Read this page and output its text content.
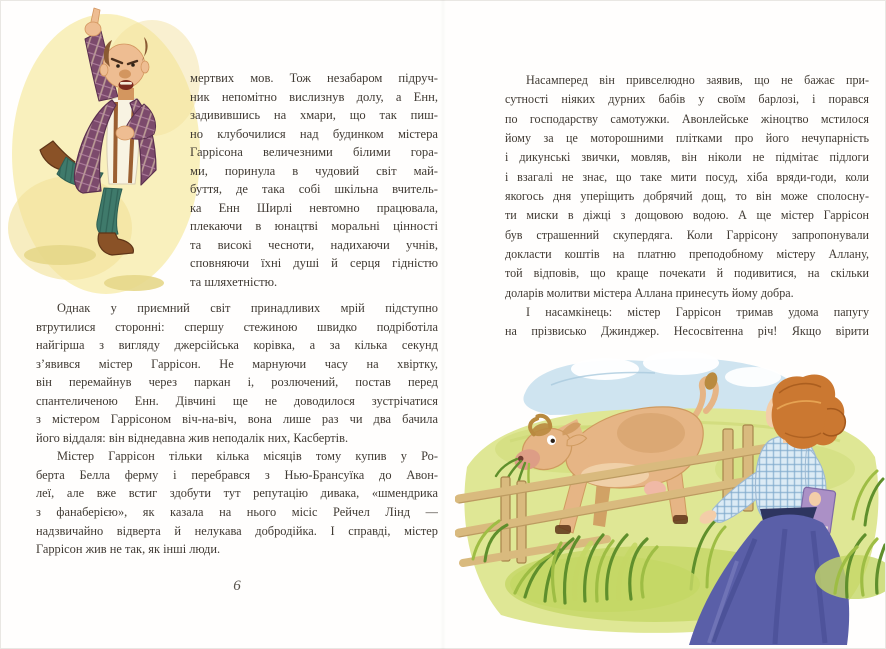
мертвих мов. Тож незабаром підруч-
ник непомітно вислизнув долу, а Енн,
задивившись на хмари, що так пиш-
но клубочилися над будинком містера
Гаррісона величезними білими гора-
ми, поринула в чудовий світ май-
буття, де така собі шкільна вчитель-
ка Енн Ширлі невтомно працювала,
плекаючи в юнацтві моральні цінності
та високі чесноти, надихаючи учнів,
сповняючи їхні душі й серця гідністю
та шляхетністю.
Однак у приємний світ принадливих мрій підступно
втрутилися сторонні: спершу стежиною швидко подріботіла
найгірша з вигляду джерсійська корівка, а за кілька секунд
з’явився містер Гаррісон. Не марнуючи часу на хвіртку,
він перемайнув через паркан і, розлючений, постав перед
спантеличеною Енн. Дівчині ще не доводилося зустрічатися
з містером Гаррісоном віч-на-віч, вона лише раз чи два бачила
його віддаля: він віднедавна жив неподалік них, Касбертів.
Містер Гаррісон тільки кілька місяців тому купив у Ро-
берта Белла ферму і перебрався з Нью-Брансуїка до Авон-
леї, але вже встиг здобути тут репутацію дивака, «шмендрика
з фанаберією», як казала на нього місіс Рейчел Лінд —
надзвичайно відверта й нелукава добродійка. І справді, містер
Гаррісон жив не так, як інші люди.
6
Насамперед він привселюдно заявив, що не бажає при-
сутності ніяких дурних бабів у своїм барлозі, і порався
по господарству самотужки. Авонлейське жіноцтво мстилося
йому за це моторошними плітками про його нечупарність
і дикунські звички, мовляв, він ніколи не підмітає підлоги
і взагалі не знає, що таке мити посуд, хіба вряди-годи, коли
якогось дня уперіщить добрячий дощ, то він може сполосну-
ти миски в діжці з дощовою водою. А ще містер Гаррісон
був страшенний скупердяга. Коли Гаррісону запропонували
докласти коштів на платню преподобному містеру Аллану,
той відповів, що краще почекати й подивитися, на скільки
доларів молитви містера Аллана принесуть йому добра.
І насамкінець: містер Гаррісон тримав удома папугу
на прізвисько Джинджер. Несосвітенна річ! Якщо вірити
